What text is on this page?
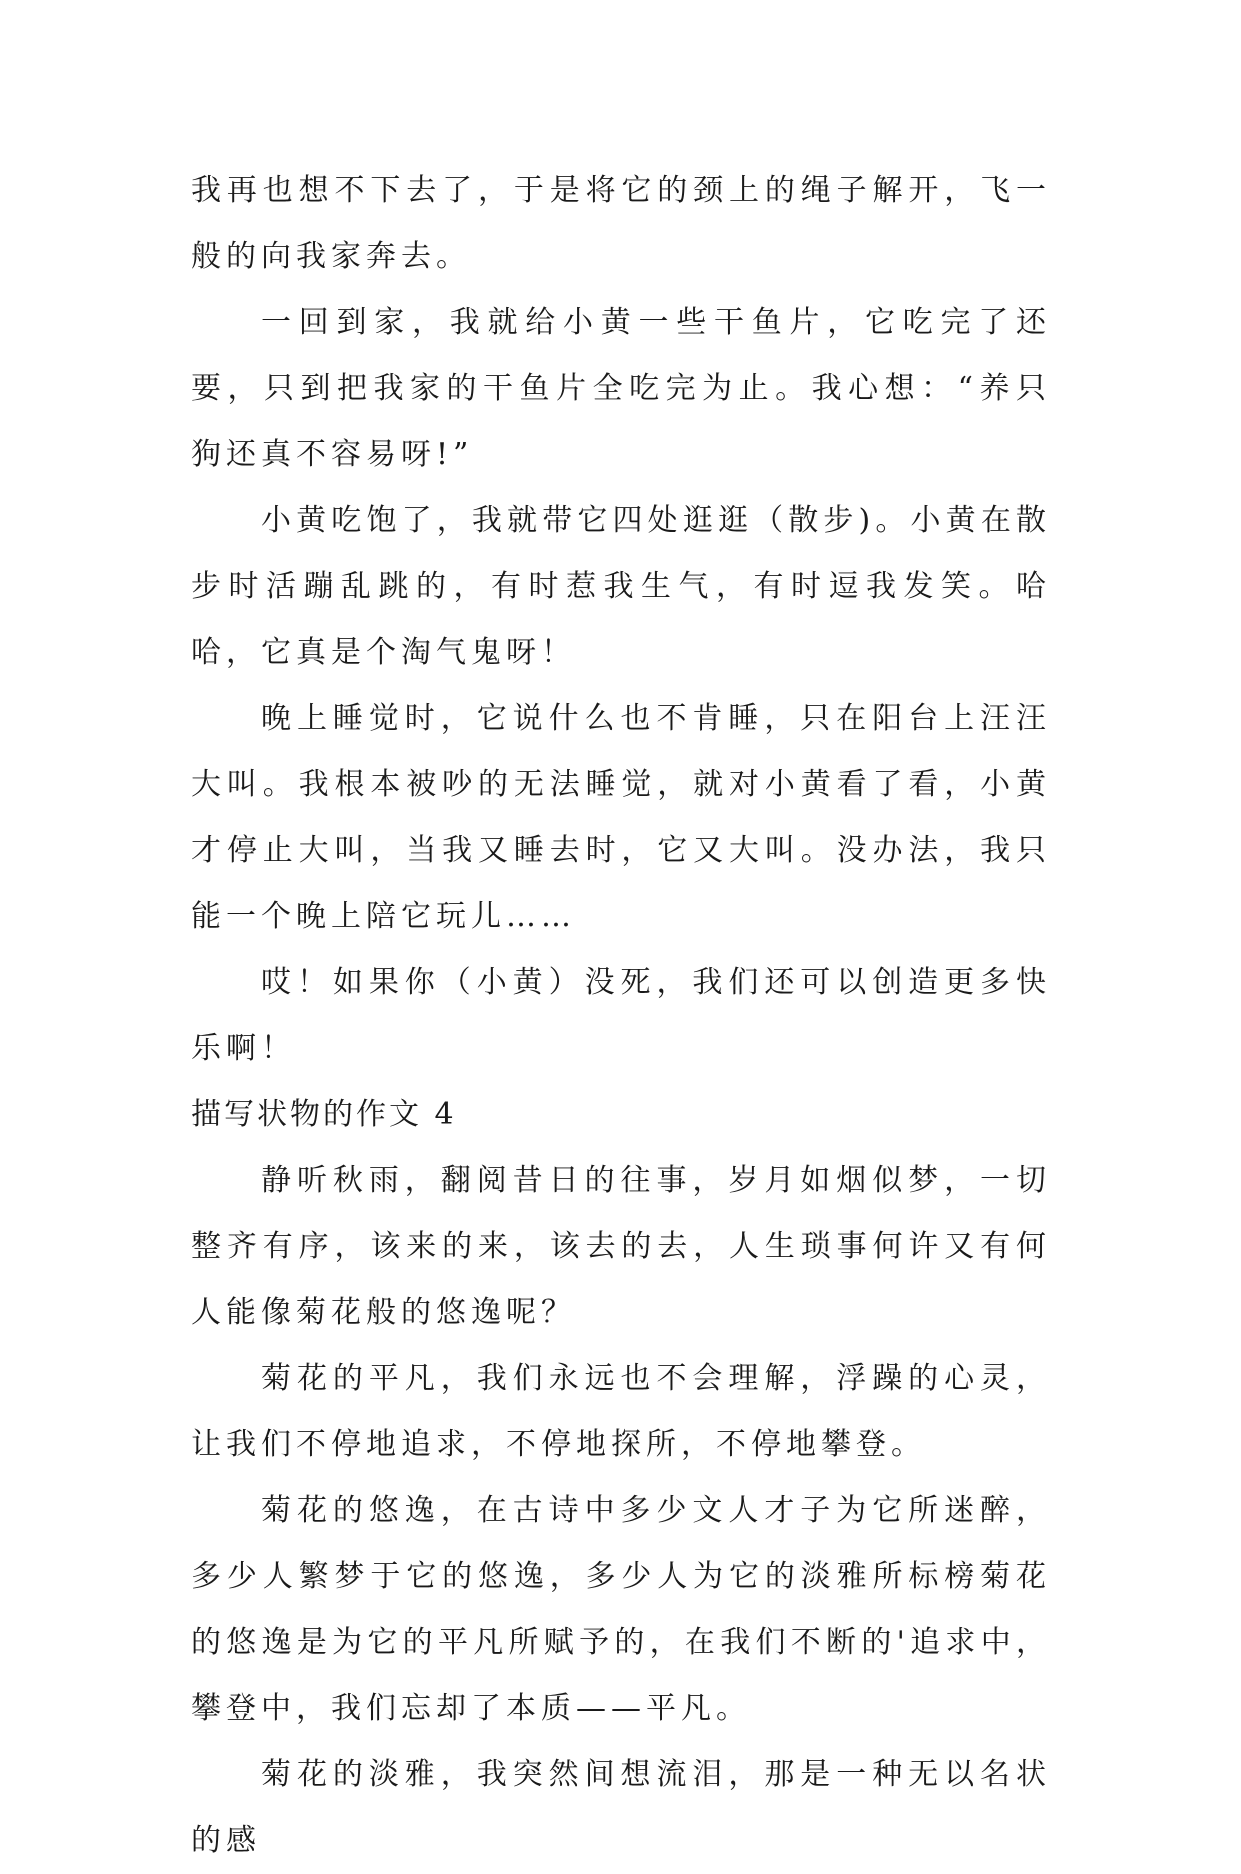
我再也想不下去了，于是将它的颈上的绳子解开，飞一般的向我家奔去。

一回到家，我就给小黄一些干鱼片，它吃完了还要，只到把我家的干鱼片全吃完为止。我心想：“养只狗还真不容易呀!”

小黄吃饱了，我就带它四处逛逛（散步)。小黄在散步时活蹦乱跳的，有时惹我生气，有时逗我发笑。哈哈，它真是个淘气鬼呀！

晚上睡觉时，它说什么也不肯睡，只在阳台上汪汪大叫。我根本被吵的无法睡觉，就对小黄看了看，小黄才停止大叫，当我又睡去时，它又大叫。没办法，我只能一个晚上陪它玩儿……

哎！如果你（小黄）没死，我们还可以创造更多快乐啊！

描写状物的作文 4

静听秋雨，翻阅昔日的往事，岁月如烟似梦，一切整齐有序，该来的来，该去的去，人生琐事何许又有何人能像菊花般的悠逸呢？

菊花的平凡，我们永远也不会理解，浮躁的心灵，让我们不停地追求，不停地探所，不停地攀登。

菊花的悠逸，在古诗中多少文人才子为它所迷醉，多少人繁梦于它的悠逸，多少人为它的淡雅所标榜菊花的悠逸是为它的平凡所赋予的，在我们不断的'追求中，攀登中，我们忘却了本质——平凡。

菊花的淡雅，我突然间想流泪，那是一种无以名状的感
